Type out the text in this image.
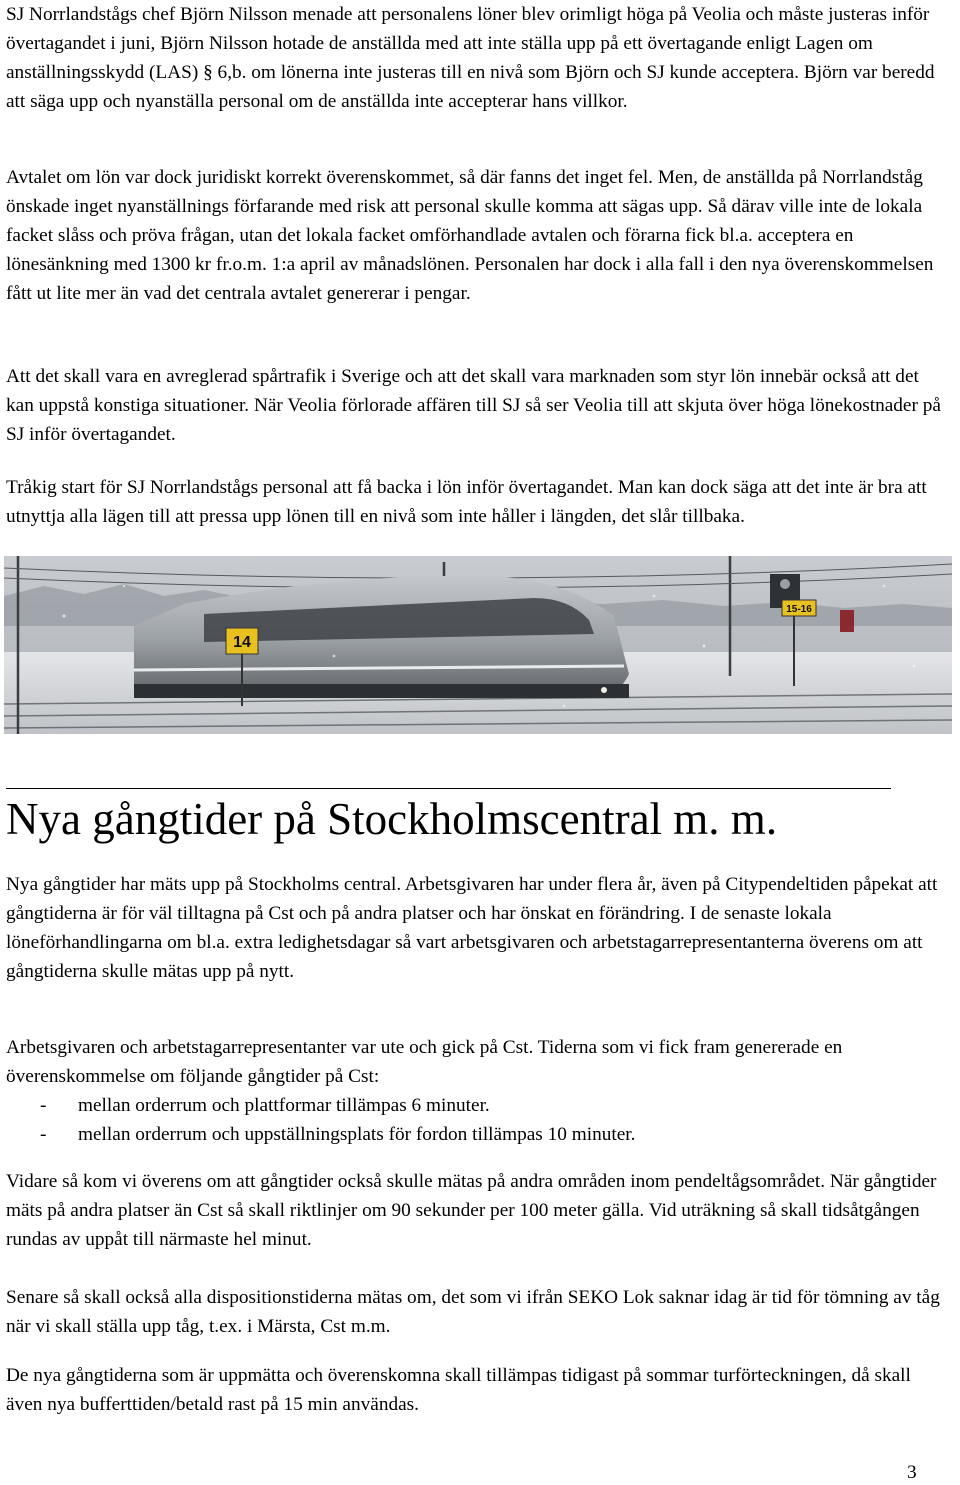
SJ Norrlandstågs chef Björn Nilsson menade att personalens löner blev orimligt höga på Veolia och måste justeras inför övertagandet i juni, Björn Nilsson hotade de anställda med att inte ställa upp på ett övertagande enligt Lagen om anställningsskydd (LAS) § 6,b. om lönerna inte justeras till en nivå som Björn och SJ kunde acceptera. Björn var beredd att säga upp och nyanställa personal om de anställda inte accepterar hans villkor.

Avtalet om lön var dock juridiskt korrekt överenskommet, så där fanns det inget fel. Men, de anställda på Norrlandståg önskade inget nyanställnings förfarande med risk att personal skulle komma att sägas upp. Så därav ville inte de lokala facket slåss och pröva frågan, utan det lokala facket omförhandlade avtalen och förarna fick bl.a. acceptera en lönesänkning med 1300 kr fr.o.m. 1:a april av månadslönen. Personalen har dock i alla fall i den nya överenskommelsen fått ut lite mer än vad det centrala avtalet genererar i pengar.

Att det skall vara en avreglerad spårtrafik i Sverige och att det skall vara marknaden som styr lön innebär också att det kan uppstå konstiga situationer. När Veolia förlorade affären till SJ så ser Veolia till att skjuta över höga lönekostnader på SJ inför övertagandet.

Tråkig start för SJ Norrlandstågs personal att få backa i lön inför övertagandet. Man kan dock säga att det inte är bra att utnyttja alla lägen till att pressa upp lönen till en nivå som inte håller i längden, det slår tillbaka.

14
15-16
Nya gångtider på Stockholmscentral m. m.

Nya gångtider har mäts upp på Stockholms central. Arbetsgivaren har under flera år, även på Citypendeltiden påpekat att gångtiderna är för väl tilltagna på Cst och på andra platser och har önskat en förändring. I de senaste lokala löneförhandlingarna om bl.a. extra ledighetsdagar så vart arbetsgivaren och arbetstagarrepresentanterna överens om att gångtiderna skulle mätas upp på nytt.

Arbetsgivaren och arbetstagarrepresentanter var ute och gick på Cst. Tiderna som vi fick fram genererade en överenskommelse om följande gångtider på Cst:

- mellan orderrum och plattformar tillämpas 6 minuter.
- mellan orderrum och uppställningsplats för fordon tillämpas 10 minuter.

Vidare så kom vi överens om att gångtider också skulle mätas på andra områden inom pendeltågsområdet. När gångtider mäts på andra platser än Cst så skall riktlinjer om 90 sekunder per 100 meter gälla. Vid uträkning så skall tidsåtgången rundas av uppåt till närmaste hel minut.

Senare så skall också alla dispositionstiderna mätas om, det som vi ifrån SEKO Lok saknar idag är tid för tömning av tåg när vi skall ställa upp tåg, t.ex. i Märsta, Cst m.m.

De nya gångtiderna som är uppmätta och överenskomna skall tillämpas tidigast på sommar turförteckningen, då skall även nya bufferttiden/betald rast på 15 min användas.

3
